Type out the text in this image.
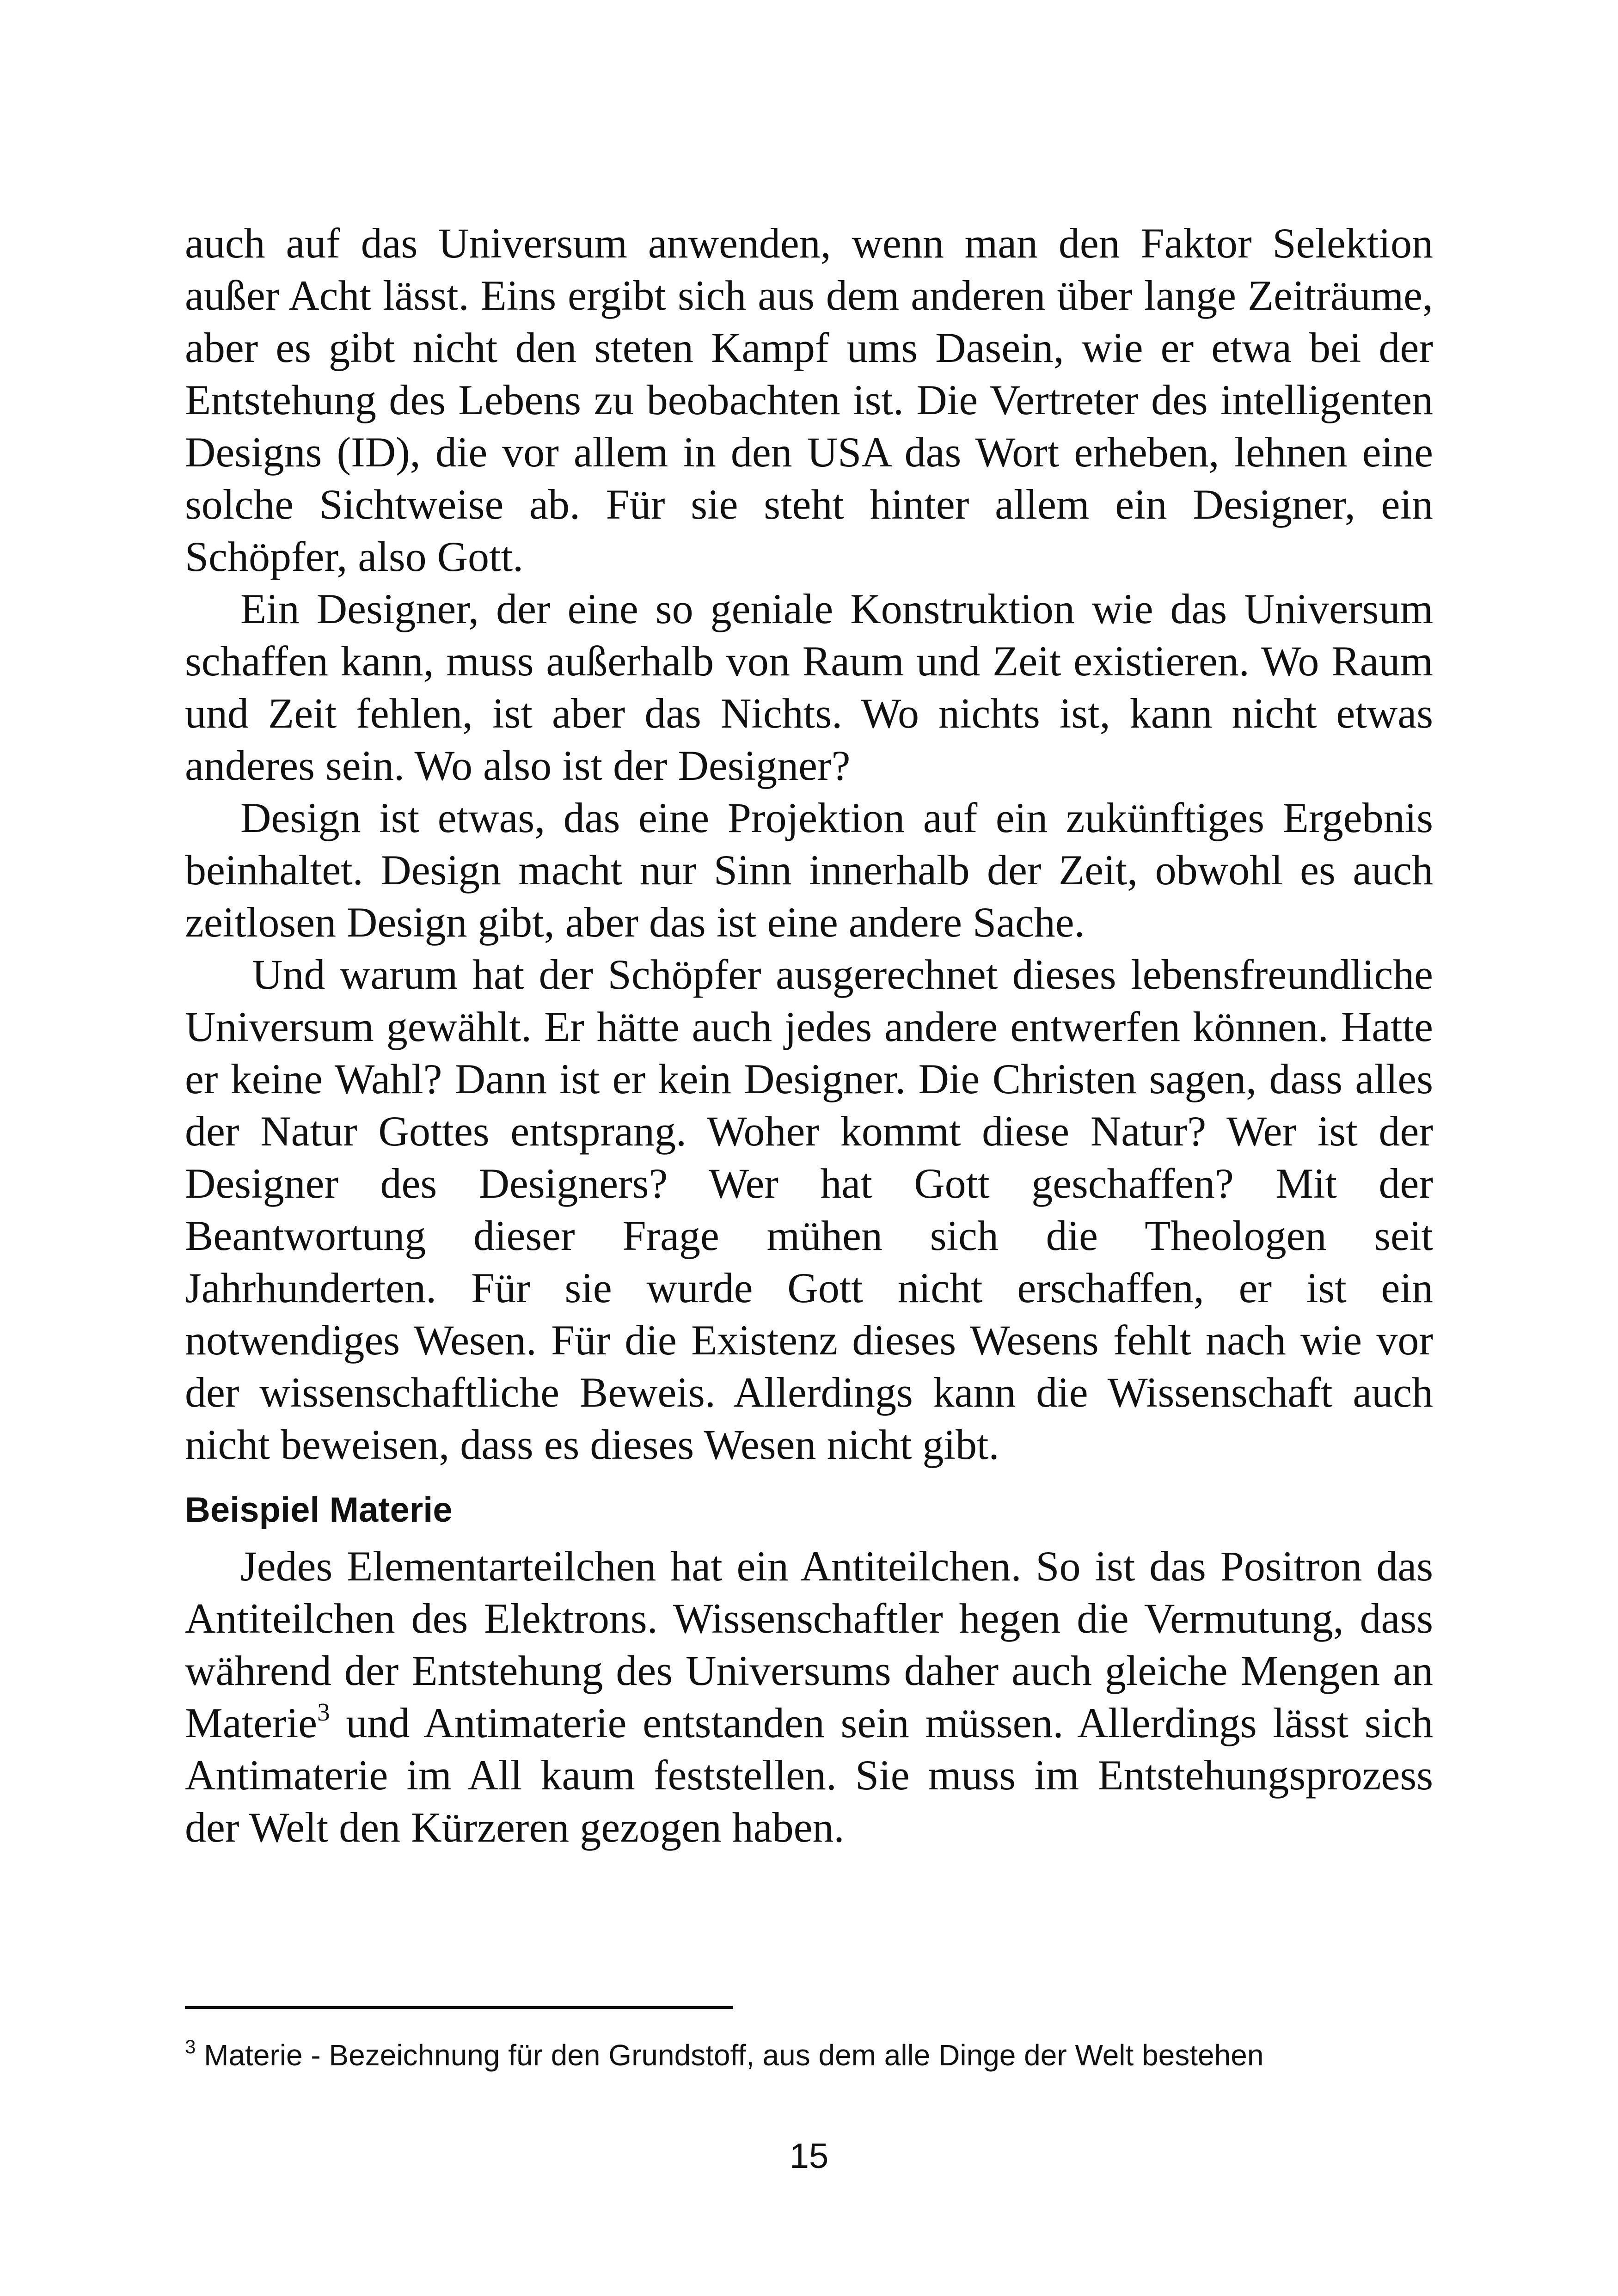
auch auf das Universum anwenden, wenn man den Faktor Selektion außer Acht lässt. Eins ergibt sich aus dem anderen über lange Zeiträume, aber es gibt nicht den steten Kampf ums Dasein, wie er etwa bei der Entstehung des Lebens zu beobachten ist. Die Vertreter des intelligenten Designs (ID), die vor allem in den USA das Wort erheben, lehnen eine solche Sichtweise ab. Für sie steht hinter allem ein Designer, ein Schöpfer, also Gott.

Ein Designer, der eine so geniale Konstruktion wie das Universum schaffen kann, muss außerhalb von Raum und Zeit existieren. Wo Raum und Zeit fehlen, ist aber das Nichts. Wo nichts ist, kann nicht etwas anderes sein. Wo also ist der Designer?

Design ist etwas, das eine Projektion auf ein zukünftiges Ergebnis beinhaltet. Design macht nur Sinn innerhalb der Zeit, obwohl es auch zeitlosen Design gibt, aber das ist eine andere Sache.

Und warum hat der Schöpfer ausgerechnet dieses lebensfreundliche Universum gewählt. Er hätte auch jedes andere entwerfen können. Hatte er keine Wahl? Dann ist er kein Designer. Die Christen sagen, dass alles der Natur Gottes entsprang. Woher kommt diese Natur? Wer ist der Designer des Designers? Wer hat Gott geschaffen? Mit der Beantwortung dieser Frage mühen sich die Theologen seit Jahrhunderten. Für sie wurde Gott nicht erschaffen, er ist ein notwendiges Wesen. Für die Existenz dieses Wesens fehlt nach wie vor der wissenschaftliche Beweis. Allerdings kann die Wissenschaft auch nicht beweisen, dass es dieses Wesen nicht gibt.

Beispiel Materie

Jedes Elementarteilchen hat ein Antiteilchen. So ist das Positron das Antiteilchen des Elektrons. Wissenschaftler hegen die Vermutung, dass während der Entstehung des Universums daher auch gleiche Mengen an Materie$^3$ und Antimaterie entstanden sein müssen. Allerdings lässt sich Antimaterie im All kaum feststellen. Sie muss im Entstehungsprozess der Welt den Kürzeren gezogen haben.

$^3$ Materie - Bezeichnung für den Grundstoff, aus dem alle Dinge der Welt bestehen

15
